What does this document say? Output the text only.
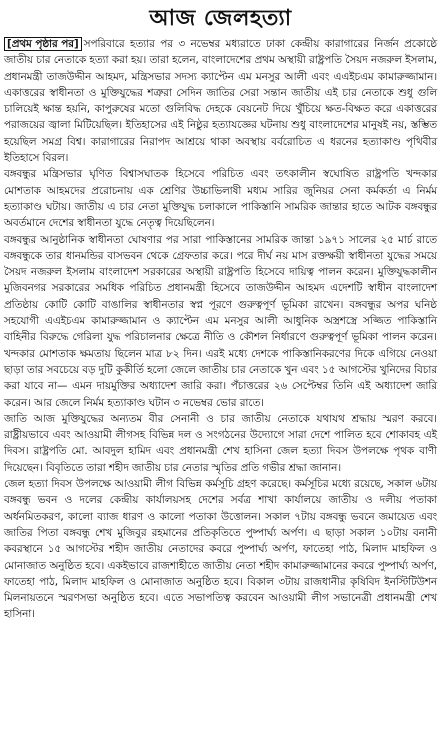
আজ জেলহত্যা

[প্রথম পৃষ্ঠার পর] সপরিবারে হত্যার পর ৩ নভেম্বর মধ্যরাতে ঢাকা কেন্দ্রীয় কারাগারের নির্জন প্রকোষ্ঠে জাতীয় চার নেতাকে হত্যা করা হয়। তারা হলেন, বাংলাদেশের প্রথম অস্থায়ী রাষ্ট্রপতি সৈয়দ নজরুল ইসলাম, প্রধানমন্ত্রী তাজউদ্দীন আহমদ, মন্ত্রিসভার সদস্য ক্যাপ্টেন এম মনসুর আলী এবং এএইচএম কামারুজ্জামান। একাত্তরের স্বাধীনতা ও মুক্তিযুদ্ধের শত্রুরা সেদিন জাতির সেরা সন্তান জাতীয় এই চার নেতাকে শুধু গুলি চালিয়েই ক্ষান্ত হয়নি, কাপুরুষের মতো গুলিবিদ্ধ দেহকে বেয়নেট দিয়ে খুঁচিয়ে ক্ষত-বিক্ষত করে একাত্তরের পরাজয়ের জ্বালা মিটিয়েছিল। ইতিহাসের এই নিষ্ঠুর হত্যাযজ্ঞের ঘটনায় শুধু বাংলাদেশের মানুষই নয়, স্তম্ভিত হয়েছিল সমগ্র বিশ্ব। কারাগারের নিরাপদ আশ্রয়ে থাকা অবস্থায় বর্বরোচিত এ ধরনের হত্যাকাণ্ড পৃথিবীর ইতিহাসে বিরল।

বঙ্গবন্ধুর মন্ত্রিসভার ঘৃণিত বিশ্বাসঘাতক হিসেবে পরিচিত এবং তৎকালীন স্বঘোষিত রাষ্ট্রপতি খন্দকার মোশতাক আহমদের প্ররোচনায় এক শ্রেণির উচ্চাভিলাষী মধ্যম সারির জুনিয়র সেনা কর্মকর্তা এ নির্মম হত্যাকাণ্ড ঘটায়। জাতীয় এ চার নেতা মুক্তিযুদ্ধ চলাকালে পাকিস্তানি সামরিক জান্তার হাতে আটক বঙ্গবন্ধুর অবর্তমানে দেশের স্বাধীনতা যুদ্ধে নেতৃত্ব দিয়েছিলেন।

বঙ্গবন্ধুর আনুষ্ঠানিক স্বাধীনতা ঘোষণার পর সারা পাকিস্তানের সামরিক জান্তা ১৯৭১ সালের ২৫ মার্চ রাতে বঙ্গবন্ধুকে তার ধানমন্ডির বাসভবন থেকে গ্রেফতার করে। পরে দীর্ঘ নয় মাস রক্তক্ষয়ী স্বাধীনতা যুদ্ধের সময়ে সৈয়দ নজরুল ইসলাম বাংলাদেশ সরকারের অস্থায়ী রাষ্ট্রপতি হিসেবে দায়িত্ব পালন করেন। মুক্তিযুদ্ধকালীন মুজিবনগর সরকারের সমধিক পরিচিত প্রধানমন্ত্রী হিসেবে তাজউদ্দীন আহমদ এদেশটি স্বাধীন বাংলাদেশ প্রতিষ্ঠায় কোটি কোটি বাঙালির স্বাধীনতার স্বপ্ন পূরণে গুরুত্বপূর্ণ ভূমিকা রাখেন। বঙ্গবন্ধুর অপর ঘনিষ্ঠ সহযোগী এএইচএম কামারুজ্জামান ও ক্যাপ্টেন এম মনসুর আলী আধুনিক অস্ত্রশস্ত্রে সজ্জিত পাকিস্তানি বাহিনীর বিরুদ্ধে গেরিলা যুদ্ধ পরিচালনার ক্ষেত্রে নীতি ও কৌশল নির্ধারণে গুরুত্বপূর্ণ ভূমিকা পালন করেন। খন্দকার মোশতাক ক্ষমতায় ছিলেন মাত্র ৮২ দিন। এরই মধ্যে দেশকে পাকিস্তানিকরণের দিকে এগিয়ে নেওয়া ছাড়া তার সবচেয়ে বড় দুটি কুকীর্তি হলো জেলে জাতীয় চার নেতাকে খুন এবং ১৫ আগস্টের খুনিদের বিচার করা যাবে না— এমন দায়মুক্তির অধ্যাদেশ জারি করা। পঁচাত্তরের ২৬ সেপ্টেম্বর তিনি এই অধ্যাদেশ জারি করেন। আর জেলে নির্মম হত্যাকাণ্ড ঘটান ৩ নভেম্বর ভোর রাতে।

জাতি আজ মুক্তিযুদ্ধের অন্যতম বীর সেনানী ও চার জাতীয় নেতাকে যথাযথ শ্রদ্ধায় স্মরণ করবে। রাষ্ট্রীয়ভাবে এবং আওয়ামী লীগসহ বিভিন্ন দল ও সংগঠনের উদ্যোগে সারা দেশে পালিত হবে শোকাবহ এই দিবস। রাষ্ট্রপতি মো. আবদুল হামিদ এবং প্রধানমন্ত্রী শেখ হাসিনা জেল হত্যা দিবস উপলক্ষে পৃথক বাণী দিয়েছেন। বিবৃতিতে তারা শহীদ জাতীয় চার নেতার স্মৃতির প্রতি গভীর শ্রদ্ধা জানান।

জেল হত্যা দিবস উপলক্ষে আওয়ামী লীগ বিভিন্ন কর্মসূচি গ্রহণ করেছে। কর্মসূচির মধ্যে রয়েছে, সকাল ৬টায় বঙ্গবন্ধু ভবন ও দলের কেন্দ্রীয় কার্যালয়সহ দেশের সর্বত্র শাখা কার্যালয়ে জাতীয় ও দলীয় পতাকা অর্ধনমিতকরণ, কালো ব্যাজ ধারণ ও কালো পতাকা উত্তোলন। সকাল ৭টায় বঙ্গবন্ধু ভবনে জমায়েত এবং জাতির পিতা বঙ্গবন্ধু শেখ মুজিবুর রহমানের প্রতিকৃতিতে পুষ্পার্ঘ্য অর্পণ। এ ছাড়া সকাল ১০টায় বনানী কবরস্থানে ১৫ আগস্টের শহীদ জাতীয় নেতাদের কবরে পুষ্পার্ঘ্য অর্পণ, ফাতেহা পাঠ, মিলাদ মাহফিল ও মোনাজাত অনুষ্ঠিত হবে। একইভাবে রাজশাহীতে জাতীয় নেতা শহীদ কামারুজ্জামানের কবরে পুষ্পার্ঘ্য অর্পণ, ফাতেহা পাঠ, মিলাদ মাহফিল ও মোনাজাত অনুষ্ঠিত হবে। বিকাল ৩টায় রাজধানীর কৃষিবিদ ইনস্টিটিউশন মিলনায়তনে স্মরণসভা অনুষ্ঠিত হবে। এতে সভাপতিত্ব করবেন আওয়ামী লীগ সভানেত্রী প্রধানমন্ত্রী শেখ হাসিনা।
